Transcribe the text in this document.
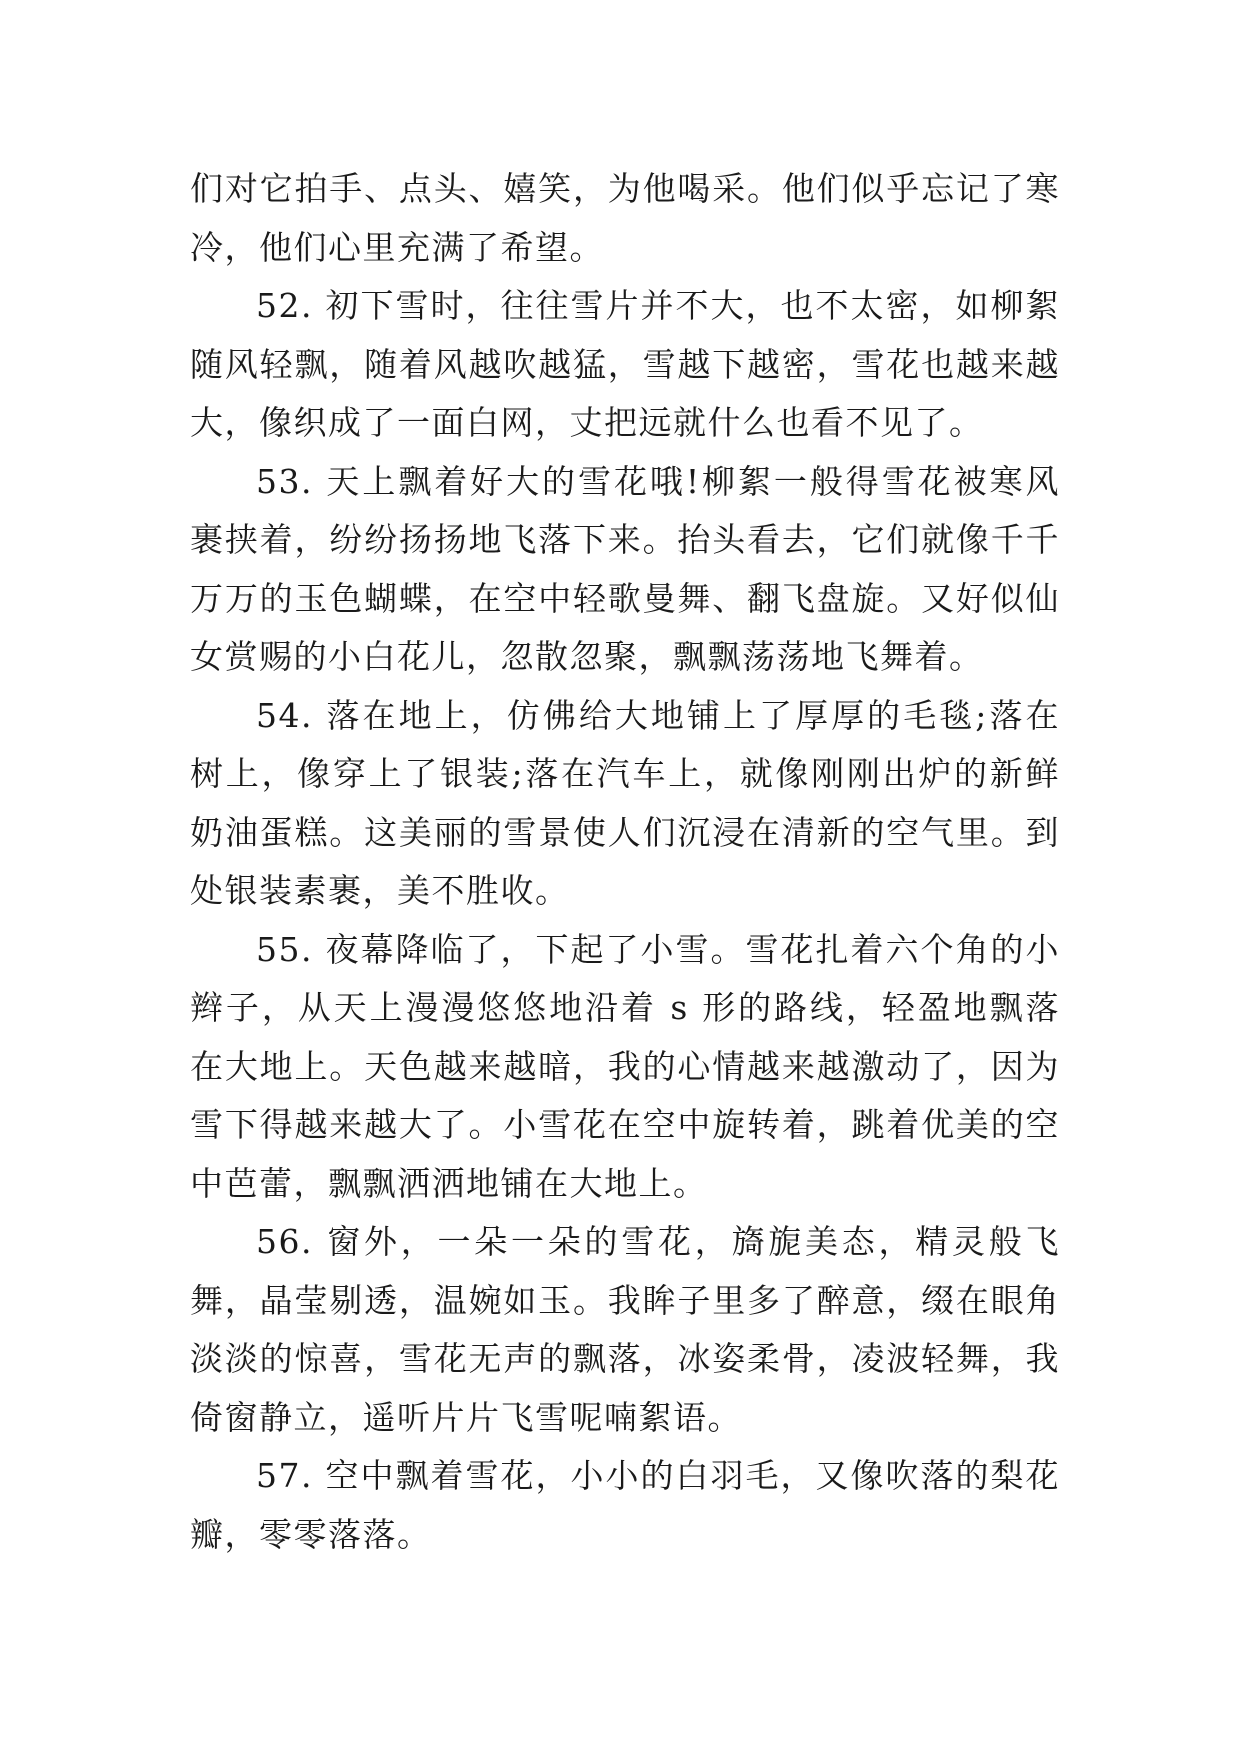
们对它拍手、点头、嬉笑，为他喝采。他们似乎忘记了寒冷，他们心里充满了希望。

52. 初下雪时，往往雪片并不大，也不太密，如柳絮随风轻飘，随着风越吹越猛，雪越下越密，雪花也越来越大，像织成了一面白网，丈把远就什么也看不见了。

53. 天上飘着好大的雪花哦!柳絮一般得雪花被寒风裹挟着，纷纷扬扬地飞落下来。抬头看去，它们就像千千万万的玉色蝴蝶，在空中轻歌曼舞、翻飞盘旋。又好似仙女赏赐的小白花儿，忽散忽聚，飘飘荡荡地飞舞着。

54. 落在地上，仿佛给大地铺上了厚厚的毛毯;落在树上，像穿上了银装;落在汽车上，就像刚刚出炉的新鲜奶油蛋糕。这美丽的雪景使人们沉浸在清新的空气里。到处银装素裹，美不胜收。

55. 夜幕降临了，下起了小雪。雪花扎着六个角的小辫子，从天上漫漫悠悠地沿着 s 形的路线，轻盈地飘落在大地上。天色越来越暗，我的心情越来越激动了，因为雪下得越来越大了。小雪花在空中旋转着，跳着优美的空中芭蕾，飘飘洒洒地铺在大地上。

56. 窗外，一朵一朵的雪花，旖旎美态，精灵般飞舞，晶莹剔透，温婉如玉。我眸子里多了醉意，缀在眼角淡淡的惊喜，雪花无声的飘落，冰姿柔骨，凌波轻舞，我倚窗静立，遥听片片飞雪呢喃絮语。

57. 空中飘着雪花，小小的白羽毛，又像吹落的梨花瓣，零零落落。
